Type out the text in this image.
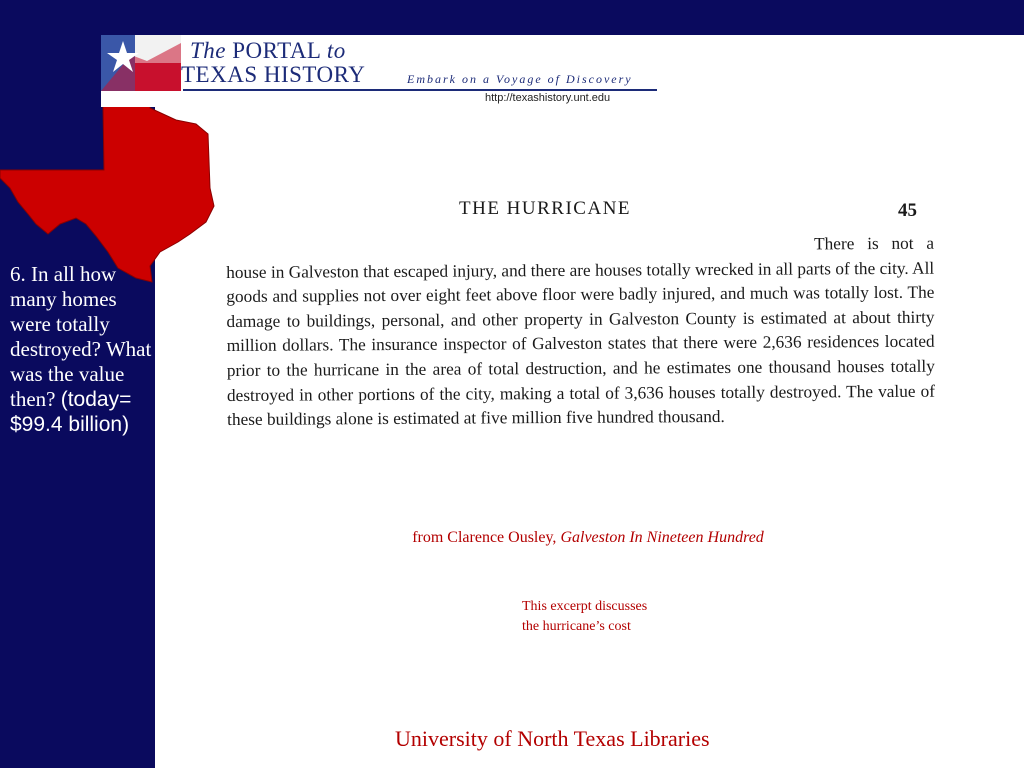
The PORTAL to
TEXAS HISTORY	Embark on a Voyage of Discovery
http://texashistory.unt.edu
6. In all how many homes were totally destroyed? What was the value then? (today= $99.4 billion)
THE HURRICANE	45
There is not a house in Galveston that escaped injury, and there are houses totally wrecked in all parts of the city. All goods and supplies not over eight feet above floor were badly injured, and much was totally lost. The damage to buildings, personal, and other property in Galveston County is estimated at about thirty million dollars. The insurance inspector of Galveston states that there were 2,636 residences located prior to the hurricane in the area of total destruction, and he estimates one thousand houses totally destroyed in other portions of the city, making a total of 3,636 houses totally destroyed. The value of these buildings alone is estimated at five million five hundred thousand.
from Clarence Ousley, Galveston In Nineteen Hundred
This excerpt discusses
the hurricane’s cost
University of North Texas Libraries
